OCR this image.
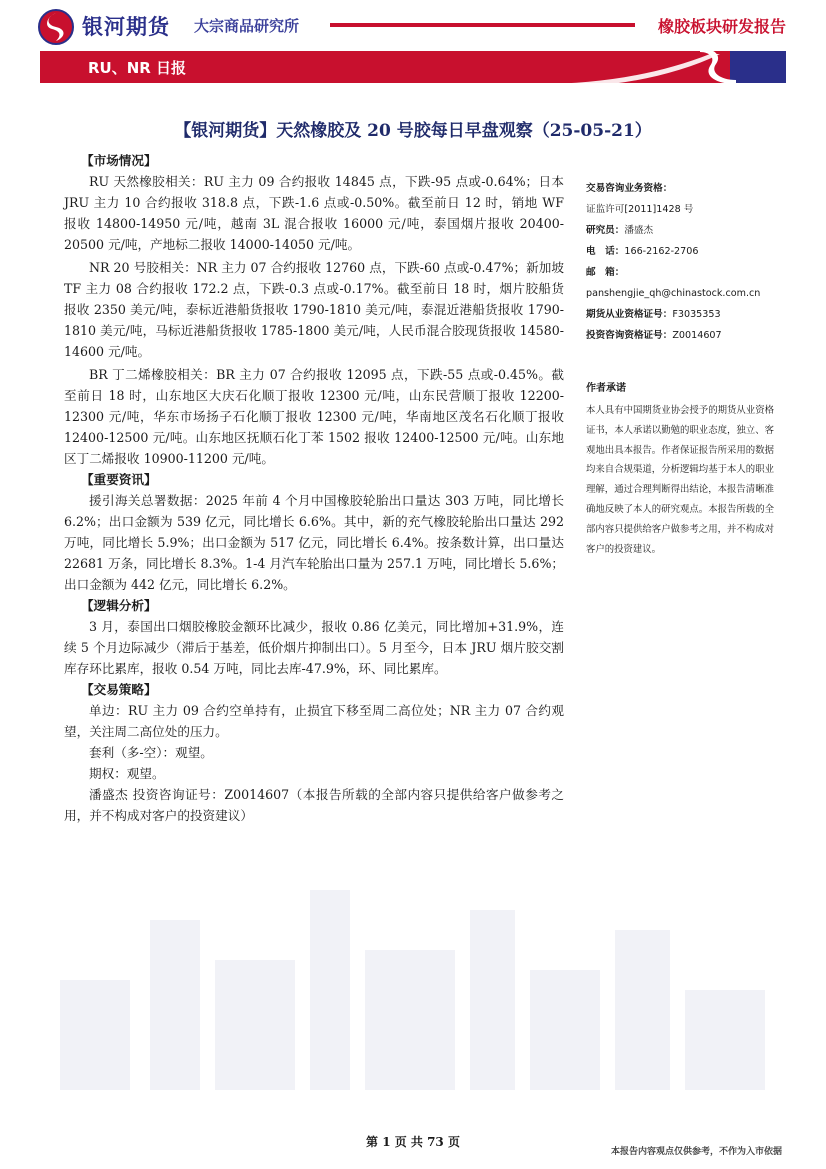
银河期货 大宗商品研究所	橡胶板块研发报告
RU、NR 日报
【银河期货】天然橡胶及 20 号胶每日早盘观察（25-05-21）
【市场情况】
RU 天然橡胶相关：RU 主力 09 合约报收 14845 点，下跌-95 点或-0.64%；日本 JRU 主力 10 合约报收 318.8 点，下跌-1.6 点或-0.50%。截至前日 12 时，销地 WF 报收 14800-14950 元/吨，越南 3L 混合报收 16000 元/吨，泰国烟片报收 20400-20500 元/吨，产地标二报收 14000-14050 元/吨。
NR 20 号胶相关：NR 主力 07 合约报收 12760 点，下跌-60 点或-0.47%；新加坡 TF 主力 08 合约报收 172.2 点，下跌-0.3 点或-0.17%。截至前日 18 时，烟片胶船货报收 2350 美元/吨，泰标近港船货报收 1790-1810 美元/吨，泰混近港船货报收 1790-1810 美元/吨，马标近港船货报收 1785-1800 美元/吨，人民币混合胶现货报收 14580-14600 元/吨。
BR 丁二烯橡胶相关：BR 主力 07 合约报收 12095 点，下跌-55 点或-0.45%。截至前日 18 时，山东地区大庆石化顺丁报收 12300 元/吨，山东民营顺丁报收 12200-12300 元/吨，华东市场扬子石化顺丁报收 12300 元/吨，华南地区茂名石化顺丁报收 12400-12500 元/吨。山东地区抚顺石化丁苯 1502 报收 12400-12500 元/吨。山东地区丁二烯报收 10900-11200 元/吨。
【重要资讯】
援引海关总署数据：2025 年前 4 个月中国橡胶轮胎出口量达 303 万吨，同比增长 6.2%；出口金额为 539 亿元，同比增长 6.6%。其中，新的充气橡胶轮胎出口量达 292 万吨，同比增长 5.9%；出口金额为 517 亿元，同比增长 6.4%。按条数计算，出口量达 22681 万条，同比增长 8.3%。1-4 月汽车轮胎出口量为 257.1 万吨，同比增长 5.6%；出口金额为 442 亿元，同比增长 6.2%。
【逻辑分析】
3 月，泰国出口烟胶橡胶金额环比减少，报收 0.86 亿美元，同比增加+31.9%，连续 5 个月边际减少（滞后于基差，低价烟片抑制出口）。5 月至今，日本 JRU 烟片胶交割库存环比累库，报收 0.54 万吨，同比去库-47.9%，环、同比累库。
【交易策略】
单边：RU 主力 09 合约空单持有，止损宜下移至周二高位处；NR 主力 07 合约观望，关注周二高位处的压力。
套利（多-空）：观望。
期权：观望。
潘盛杰 投资咨询证号：Z0014607（本报告所载的全部内容只提供给客户做参考之用，并不构成对客户的投资建议）
交易咨询业务资格：
证监许可[2011]1428 号
研究员：潘盛杰
电　话：166-2162-2706
邮　箱：
panshengjie_qh@chinastock.com.cn
期货从业资格证号：F3035353
投资咨询资格证号：Z0014607
作者承诺
本人具有中国期货业协会授予的期货从业资格证书，本人承诺以勤勉的职业态度，独立、客观地出具本报告。作者保证报告所采用的数据均来自合规渠道，分析逻辑均基于本人的职业理解，通过合理判断得出结论，本报告清晰准确地反映了本人的研究观点。本报告所载的全部内容只提供给客户做参考之用，并不构成对客户的投资建议。
第 1 页 共 73 页
本报告内容观点仅供参考，不作为入市依据
